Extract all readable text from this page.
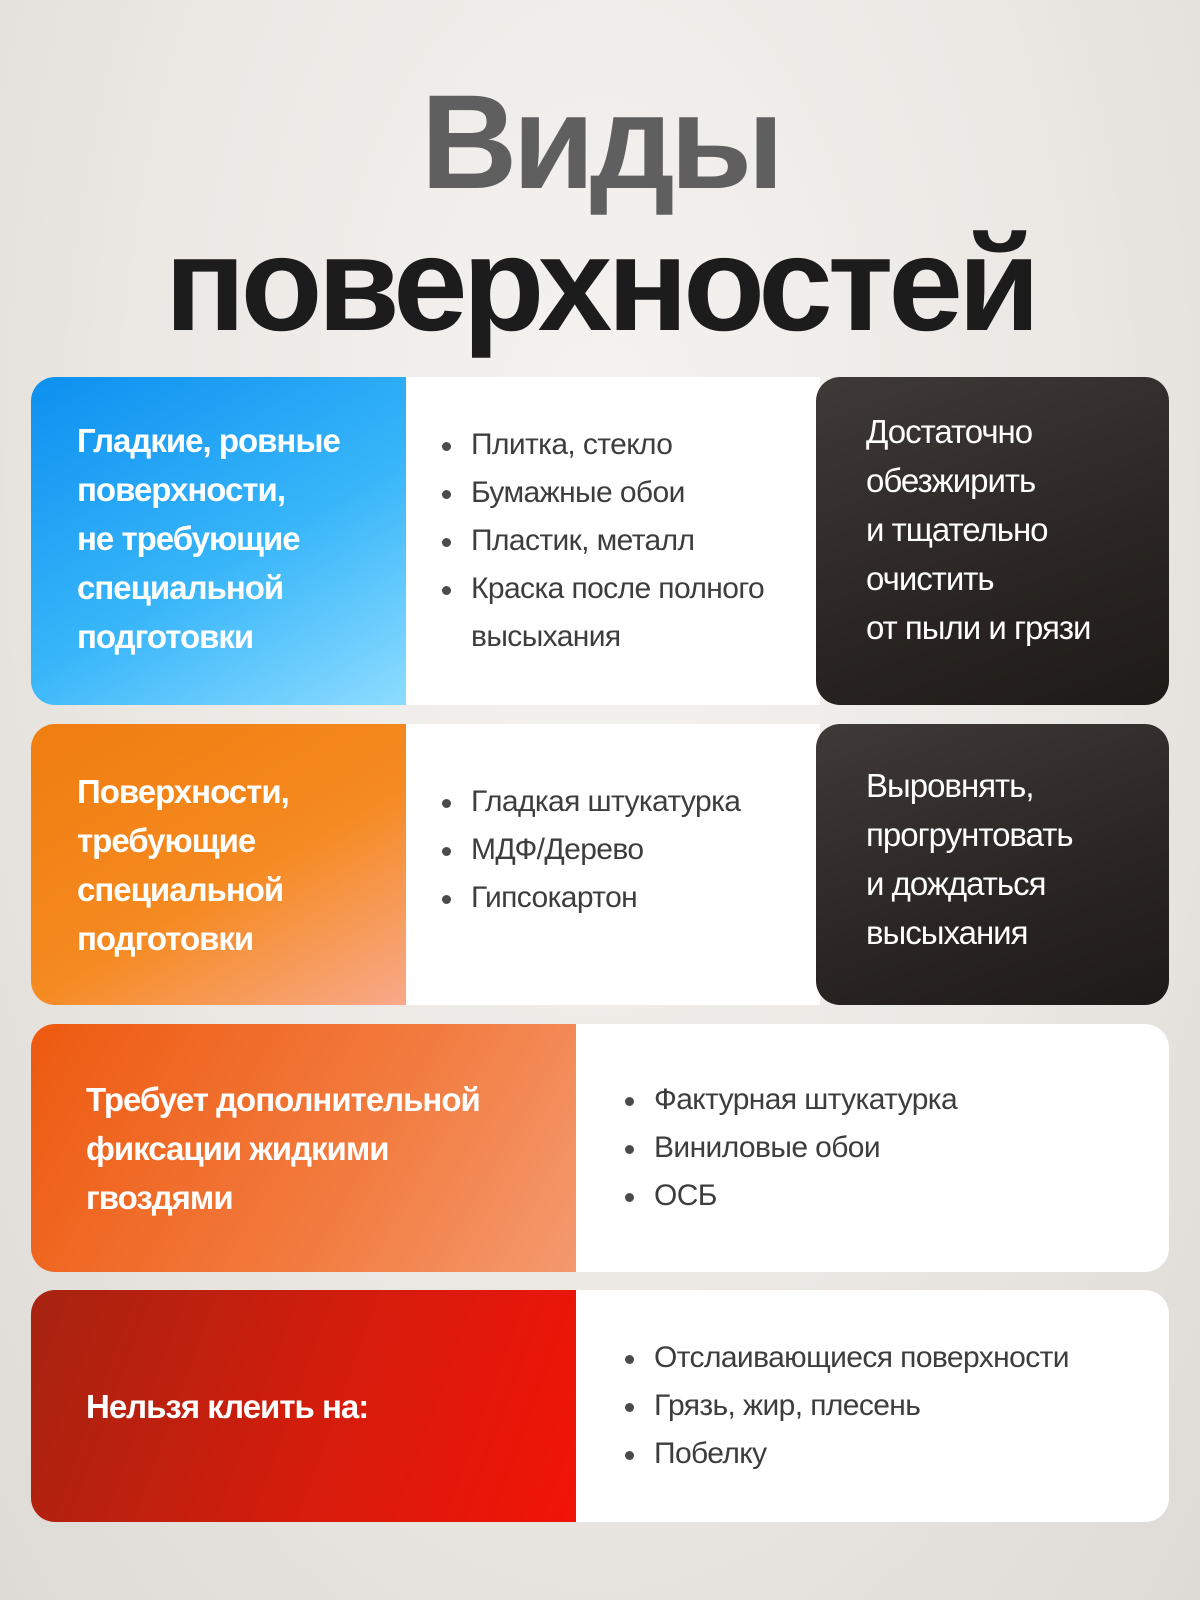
Виды
поверхностей
Гладкие, ровные
поверхности,
не требующие
специальной
подготовки
Плитка, стекло
Бумажные обои
Пластик, металл
Краска после полного
высыхания
Достаточно
обезжирить
и тщательно
очистить
от пыли и грязи
Поверхности,
требующие
специальной
подготовки
Гладкая штукатурка
МДФ/Дерево
Гипсокартон
Выровнять,
прогрунтовать
и дождаться
высыхания
Требует дополнительной
фиксации жидкими
гвоздями
Фактурная штукатурка
Виниловые обои
ОСБ
Нельзя клеить на:
Отслаивающиеся поверхности
Грязь, жир, плесень
Побелку
